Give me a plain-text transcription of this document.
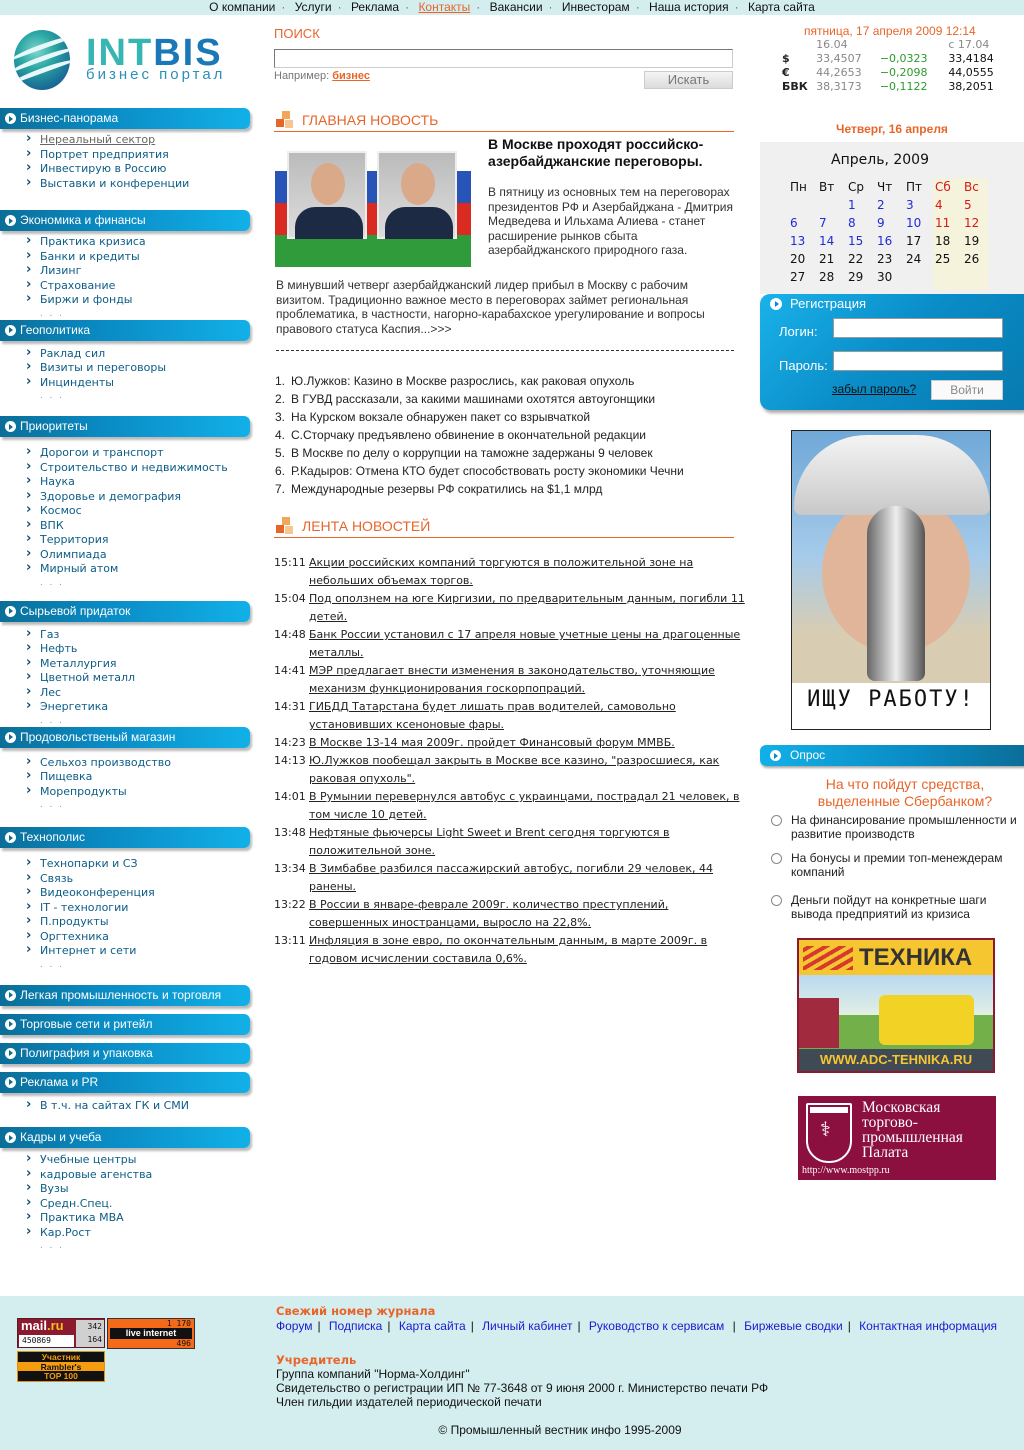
О компании · Услуги · Реклама · Контакты · Вакансии · Инвесторам · Наша история · Карта сайта
INTBIS
бизнес портал
ПОИСК
Например: бизнес	Искать
пятница, 17 апреля 2009 12:14
	16.04		с 17.04
$	33,4507	−0,0323	33,4184
€	44,2653	−0,2098	44,0555
БВК	38,3173	−0,1122	38,2051
Бизнес-панорама
› Нереальный сектор
› Портрет предприятия
› Инвестирую в Россию
› Выставки и конференции
Экономика и финансы
› Практика кризиса
› Банки и кредиты
› Лизинг
› Страхование
› Биржи и фонды
. . .
Геополитика
› Раклад сил
› Визиты и переговоры
› Инцинденты
. . .
Приоритеты
› Дорогои и транспорт
› Строительство и недвижимость
› Наука
› Здоровье и демография
› Космос
› ВПК
› Территория
› Олимпиада
› Мирный атом
. . .
Сырьевой придаток
› Газ
› Нефть
› Металлургия
› Цветной металл
› Лес
› Энергетика
. . .
Продовольственый магазин
› Сельхоз производство
› Пищевка
› Морепродукты
. . .
Технополис
› Технопарки и СЗ
› Связь
› Видеоконференция
› IT - технологии
› П.продукты
› Оргтехника
› Интернет и сети
. . .
Легкая промышленность и торговля
Торговые сети и ритейл
Полиграфия и упаковка
Реклама и PR
› В т.ч. на сайтах ГК и СМИ
Кадры и учеба
› Учебные центры
› кадровые агенства
› Вузы
› Средн.Спец.
› Практика MBA
› Кар.Рост
. . .
ГЛАВНАЯ НОВОСТЬ
В Москве проходят российско-азербайджанские переговоры.
В пятницу из основных тем на переговорах президентов РФ и Азербайджана - Дмитрия Медведева и Ильхама Алиева - станет расширение рынков сбыта азербайджанского природного газа.
В минувший четверг азербайджанский лидер прибыл в Москву с рабочим визитом. Традиционно важное место в переговорах займет региональная проблематика, в частности, нагорно-карабахское урегулирование и вопросы правового статуса Каспия...>>>
1. Ю.Лужков: Казино в Москве разрослись, как раковая опухоль
2. В ГУВД рассказали, за какими машинами охотятся автоугонщики
3. На Курском вокзале обнаружен пакет со взрывчаткой
4. С.Сторчаку предъявлено обвинение в окончательной редакции
5. В Москве по делу о коррупции на таможне задержаны 9 человек
6. Р.Кадыров: Отмена КТО будет способствовать росту экономики Чечни
7. Международные резервы РФ сократились на $1,1 млрд
ЛЕНТА НОВОСТЕЙ
15:11 Акции российских компаний торгуются в положительной зоне на небольших объемах торгов.
15:04 Под оползнем на юге Киргизии, по предварительным данным, погибли 11 детей.
14:48 Банк России установил с 17 апреля новые учетные цены на драгоценные металлы.
14:41 МЭР предлагает внести изменения в законодательство, уточняющие механизм функционирования госкорпопраций.
14:31 ГИБДД Татарстана будет лишать прав водителей, самовольно установивших ксеноновые фары.
14:23 В Москве 13-14 мая 2009г. пройдет Финансовый форум ММВБ.
14:13 Ю.Лужков пообещал закрыть в Москве все казино, "разросшиеся, как раковая опухоль".
14:01 В Румынии перевернулся автобус с украинцами, пострадал 21 человек, в том числе 10 детей.
13:48 Нефтяные фьючерсы Light Sweet и Brent сегодня торгуются в положительной зоне.
13:34 В Зимбабве разбился пассажирский автобус, погибли 29 человек, 44 ранены.
13:22 В России в январе-феврале 2009г. количество преступлений, совершенных иностранцами, выросло на 22,8%.
13:11 Инфляция в зоне евро, по окончательным данным, в марте 2009г. в годовом исчислении составила 0,6%.
Четверг, 16 апреля
Апрель, 2009
Пн	Вт	Ср	Чт	Пт	Сб	Вс
		1	2	3	4	5
6	7	8	9	10	11	12
13	14	15	16	17	18	19
20	21	22	23	24	25	26
27	28	29	30			
Регистрация
Логин:
Пароль:
забыл пароль?	Войти
ИЩУ РАБОТУ!
Опрос
На что пойдут средства, выделенные Сбербанком?
На финансирование промышленности и развитие производств
На бонусы и премии топ-менеждерам компаний
Деньги пойдут на конкретные шаги вывода предприятий из кризиса
ТЕХНИКА
WWW.ADC-TEHNIKA.RU
⚕
Московская торгово-промышленная Палата
http://www.mostpp.ru
mail.ru
450869
342
164
1 170
live internet
496
Участник
Rambler's
TOP 100
Свежий номер журнала
Форум | Подписка | Карта сайта | Личный кабинет | Руководство к сервисам | Биржевые сводки | Контактная информация
Учредитель
Группа компаний "Норма-Холдинг"
Свидетельство о регистрации ИП № 77-3648 от 9 июня 2000 г. Министерство печати РФ
Член гильдии издателей периодической печати
© Промышленный вестник инфо 1995-2009
